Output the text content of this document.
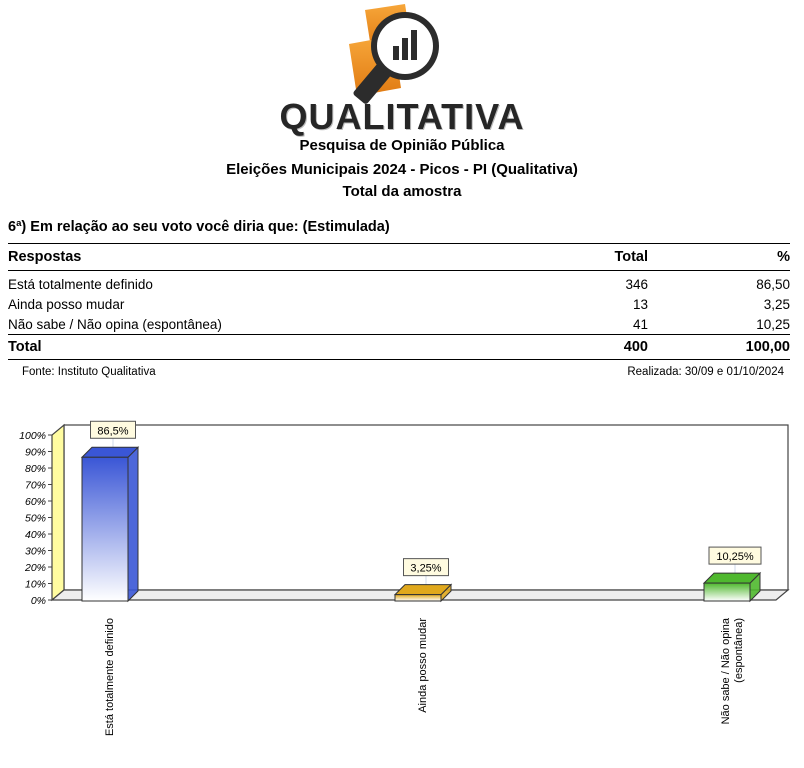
QUALITATIVA
Pesquisa de Opinião Pública
Eleições Municipais 2024 - Picos - PI (Qualitativa)
Total da amostra
6ª) Em relação ao seu voto você diria que: (Estimulada)
Respostas	Total	%
Está totalmente definido	346	86,50
Ainda posso mudar	13	3,25
Não sabe / Não opina (espontânea)	41	10,25
Total	400	100,00
Fonte: Instituto Qualitativa	Realizada: 30/09 e 01/10/2024
0%
10%
20%
30%
40%
50%
60%
70%
80%
90%
100%	86,5%
Está totalmente definido
3,25%
Ainda posso mudar
10,25%
Não sabe / Não opina (espontânea)
